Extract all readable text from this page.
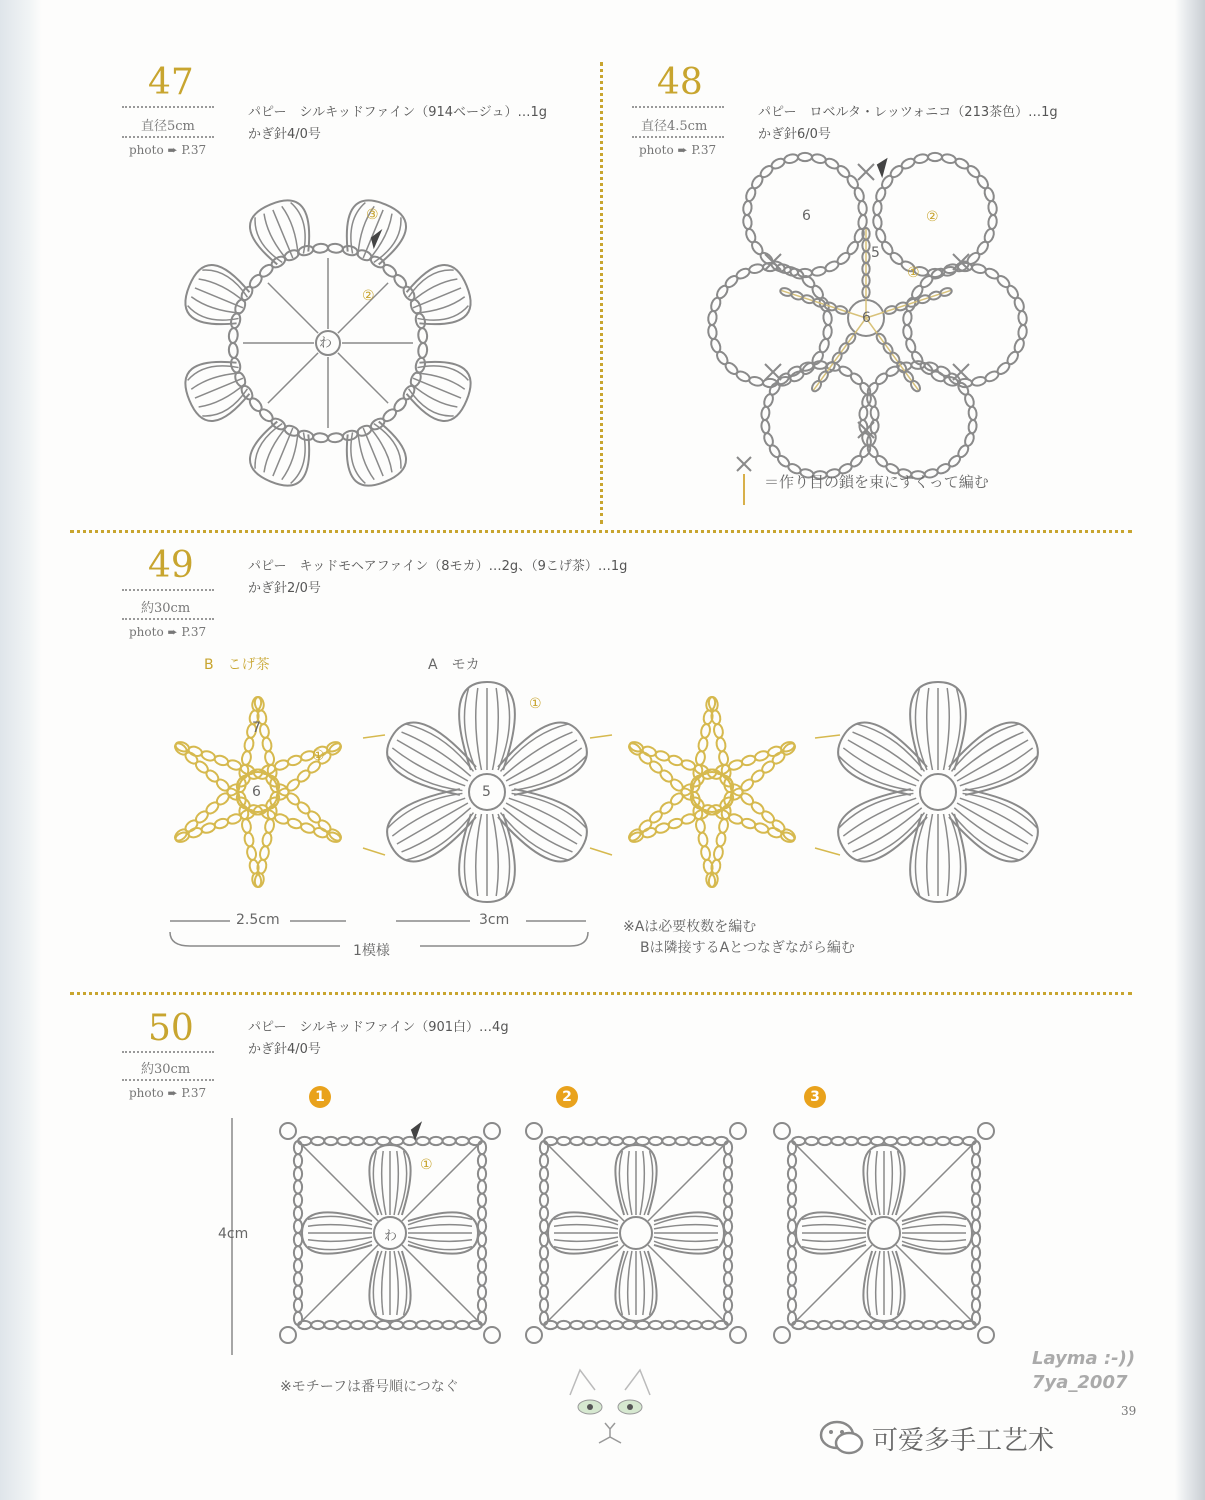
47
直径5cm
photo ➨ P.37
パピー　シルキッドファイン（914ベージュ）…1g
かぎ針4/0号
48
直径4.5cm
photo ➨ P.37
パピー　ロベルタ・レッツォニコ（213茶色）…1g
かぎ針6/0号
49
約30cm
photo ➨ P.37
パピー　キッドモヘアファイン（8モカ）…2g、（9こげ茶）…1g
かぎ針2/0号
50
約30cm
photo ➨ P.37
パピー　シルキッドファイン（901白）…4g
かぎ針4/0号
わ
②
③	6
5
6
①
②
＝作り目の鎖を束にすくって編む
B　こげ茶	A　モカ
7
6	5
①
①
2.5cm	3cm
1模様
※Aは必要枚数を編む
Bは隣接するAとつなぎながら編む
1	2	3
わ
①
4cm
※モチーフは番号順につなぐ
Layma :-))
7ya_2007
39
可爱多手工艺术
